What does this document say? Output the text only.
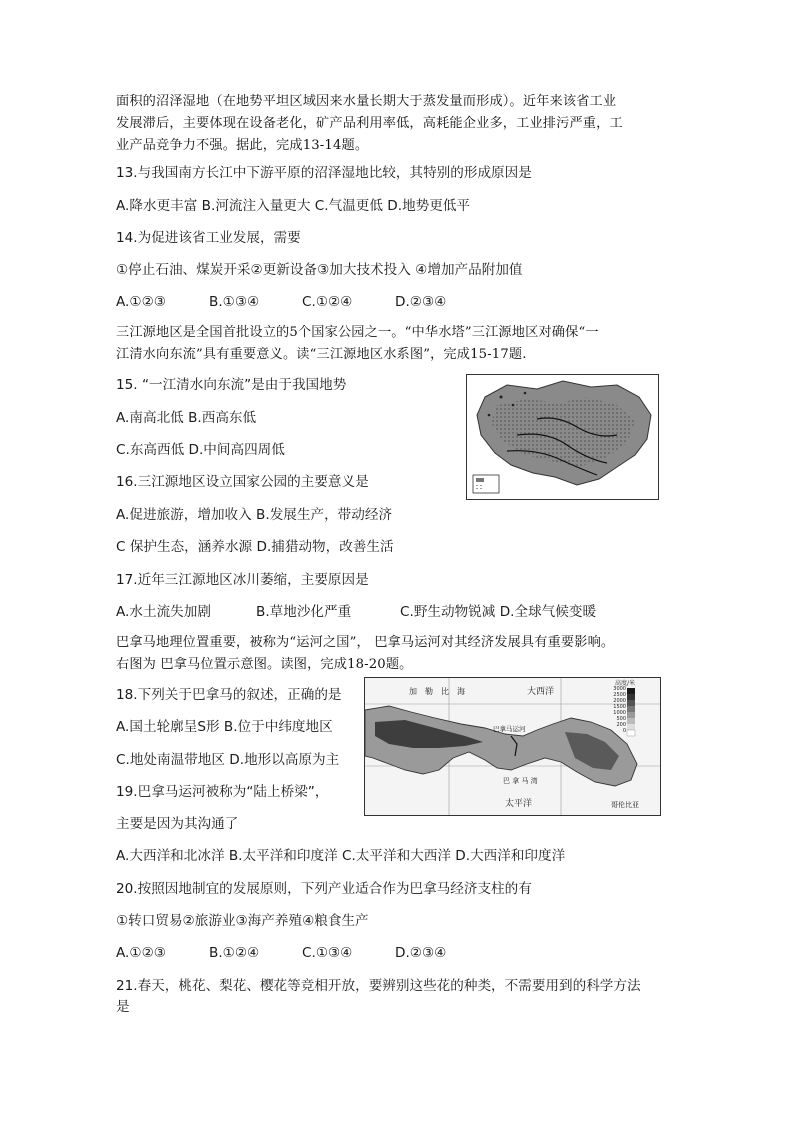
面积的沼泽湿地（在地势平坦区域因来水量长期大于蒸发量而形成）。近年来该省工业
发展滞后，主要体现在设备老化，矿产品利用率低，高耗能企业多，工业排污严重，工
业产品竞争力不强。据此，完成13-14题。
13.与我国南方长江中下游平原的沼泽湿地比较，其特别的形成原因是
A.降水更丰富 B.河流注入量更大 C.气温更低 D.地势更低平
14.为促进该省工业发展，需要
①停止石油、煤炭开采②更新设备③加大技术投入 ④增加产品附加值
A.①②③	B.①③④	C.①②④	D.②③④
三江源地区是全国首批设立的5个国家公园之一。“中华水塔”三江源地区对确保“一
江清水向东流”具有重要意义。读“三江源地区水系图”，完成15-17题.
15. “一江清水向东流”是由于我国地势
A.南高北低 B.西高东低
C.东高西低 D.中间高四周低
16.三江源地区设立国家公园的主要意义是
A.促进旅游，增加收入 B.发展生产，带动经济
C 保护生态，涵养水源 D.捕猎动物，改善生活
17.近年三江源地区冰川萎缩，主要原因是
A.水土流失加剧	B.草地沙化严重	C.野生动物锐减 D.全球气候变暖
巴拿马地理位置重要，被称为“运河之国”， 巴拿马运河对其经济发展具有重要影响。
右图为 巴拿马位置示意图。读图，完成18-20题。
18.下列关于巴拿马的叙述，正确的是
A.国土轮廓呈S形 B.位于中纬度地区
C.地处南温带地区 D.地形以高原为主
加　勒　比　海	大西洋
太平洋
巴 拿 马 湾
巴拿马运河
哥伦比亚
高度/米
3000
2500
2000
1500
1000
500
200
0
19.巴拿马运河被称为“陆上桥梁”，
主要是因为其沟通了
A.大西洋和北冰洋 B.太平洋和印度洋 C.太平洋和大西洋 D.大西洋和印度洋
20.按照因地制宜的发展原则，下列产业适合作为巴拿马经济支柱的有
①转口贸易②旅游业③海产养殖④粮食生产
A.①②③	B.①②④	C.①③④	D.②③④
21.春天，桃花、梨花、樱花等竞相开放，要辨别这些花的种类，不需要用到的科学方法
是
